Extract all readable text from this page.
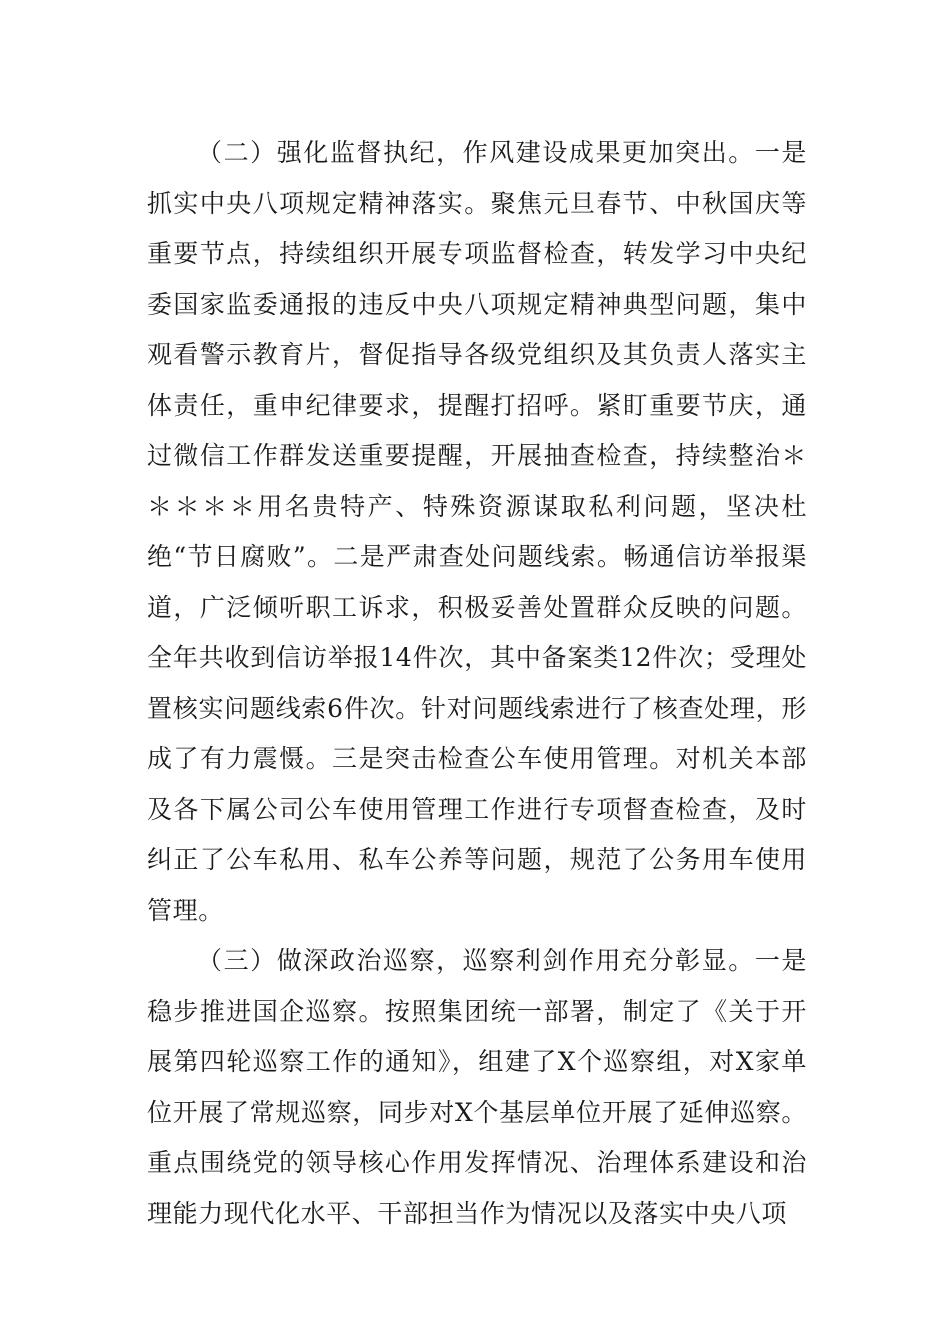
（二）强化监督执纪，作风建设成果更加突出。一是抓实中央八项规定精神落实。聚焦元旦春节、中秋国庆等重要节点，持续组织开展专项监督检查，转发学习中央纪委国家监委通报的违反中央八项规定精神典型问题，集中观看警示教育片，督促指导各级党组织及其负责人落实主体责任，重申纪律要求，提醒打招呼。紧盯重要节庆，通过微信工作群发送重要提醒，开展抽查检查，持续整治＊＊＊＊＊用名贵特产、特殊资源谋取私利问题，坚决杜绝“节日腐败”。二是严肃查处问题线索。畅通信访举报渠道，广泛倾听职工诉求，积极妥善处置群众反映的问题。全年共收到信访举报14件次，其中备案类12件次；受理处置核实问题线索6件次。针对问题线索进行了核查处理，形成了有力震慑。三是突击检查公车使用管理。对机关本部及各下属公司公车使用管理工作进行专项督查检查，及时纠正了公车私用、私车公养等问题，规范了公务用车使用管理。

（三）做深政治巡察，巡察利剑作用充分彰显。一是稳步推进国企巡察。按照集团统一部署，制定了《关于开展第四轮巡察工作的通知》，组建了X个巡察组，对X家单位开展了常规巡察，同步对X个基层单位开展了延伸巡察。重点围绕党的领导核心作用发挥情况、治理体系建设和治理能力现代化水平、干部担当作为情况以及落实中央八项
